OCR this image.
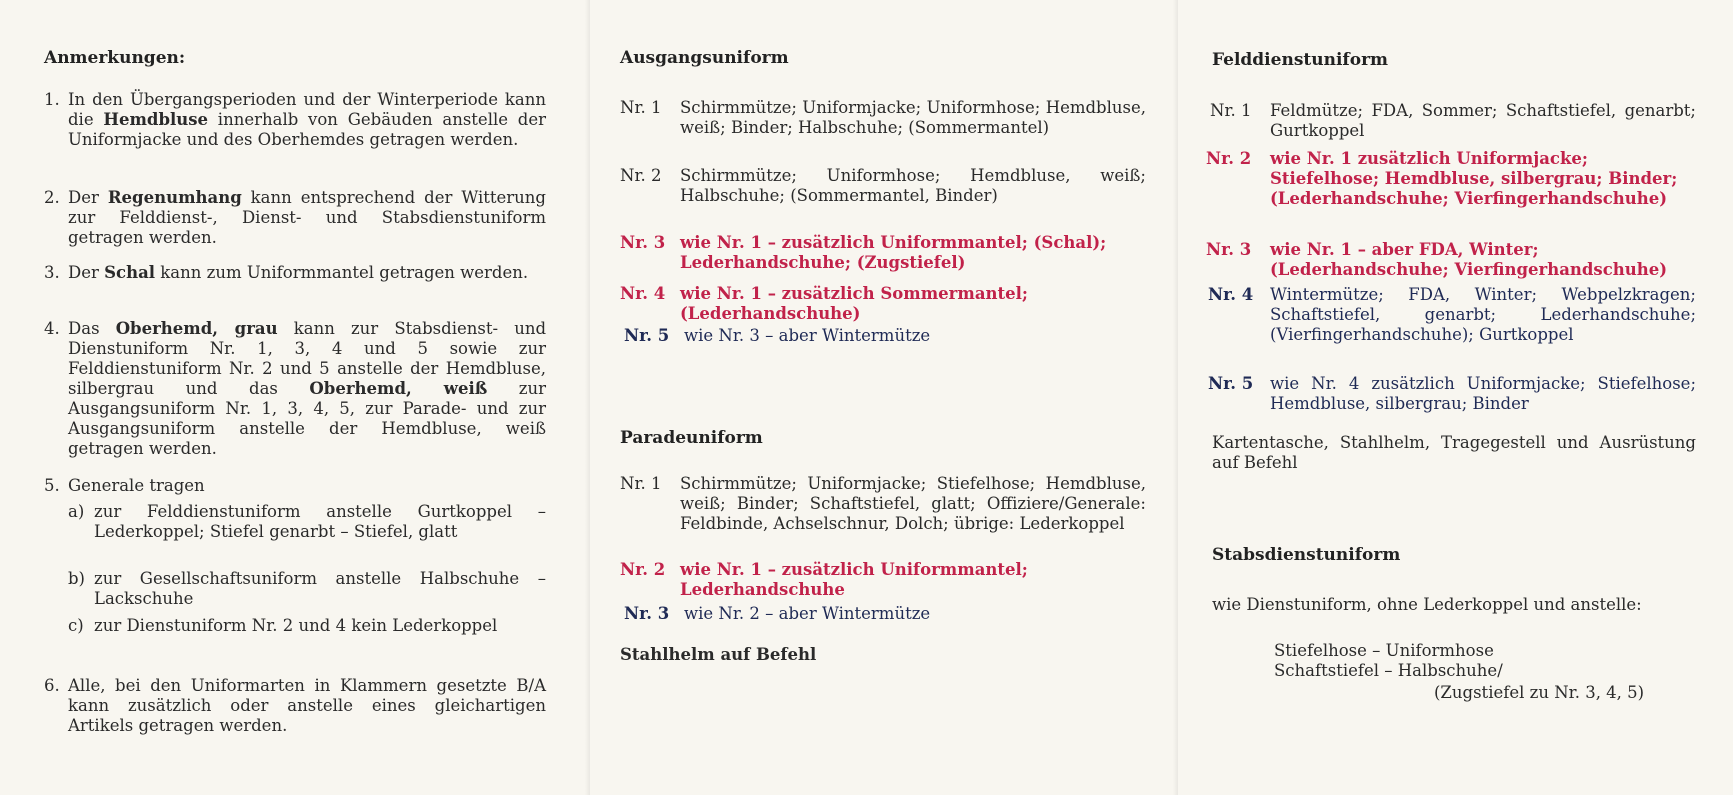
Anmerkungen:
1. In den Übergangsperioden und der Winterperiode kann die Hemdbluse innerhalb von Gebäuden anstelle der Uniformjacke und des Oberhemdes getragen werden.
2. Der Regenumhang kann entsprechend der Witterung zur Felddienst-, Dienst- und Stabsdienstuniform getragen werden.
3. Der Schal kann zum Uniformmantel getragen werden.
4. Das Oberhemd, grau kann zur Stabsdienst- und Dienstuniform Nr. 1, 3, 4 und 5 sowie zur Felddienstuniform Nr. 2 und 5 anstelle der Hemdbluse, silbergrau und das Oberhemd, weiß zur Ausgangsuniform Nr. 1, 3, 4, 5, zur Parade- und zur Ausgangsuniform anstelle der Hemdbluse, weiß getragen werden.
5. Generale tragen
a) zur Felddienstuniform anstelle Gurtkoppel – Lederkoppel; Stiefel genarbt – Stiefel, glatt
b) zur Gesellschaftsuniform anstelle Halbschuhe – Lackschuhe
c) zur Dienstuniform Nr. 2 und 4 kein Lederkoppel
6. Alle, bei den Uniformarten in Klammern gesetzte B/A kann zusätzlich oder anstelle eines gleichartigen Artikels getragen werden.
Ausgangsuniform
Nr. 1 Schirmmütze; Uniformjacke; Uniformhose; Hemdbluse, weiß; Binder; Halbschuhe; (Sommermantel)
Nr. 2 Schirmmütze; Uniformhose; Hemdbluse, weiß; Halbschuhe; (Sommermantel, Binder)
Nr. 3 wie Nr. 1 – zusätzlich Uniformmantel; (Schal); Lederhandschuhe; (Zugstiefel)
Nr. 4 wie Nr. 1 – zusätzlich Sommermantel; (Lederhandschuhe)
Nr. 5 wie Nr. 3 – aber Wintermütze
Paradeuniform
Nr. 1 Schirmmütze; Uniformjacke; Stiefelhose; Hemdbluse, weiß; Binder; Schaftstiefel, glatt; Offiziere/Generale: Feldbinde, Achselschnur, Dolch; übrige: Lederkoppel
Nr. 2 wie Nr. 1 – zusätzlich Uniformmantel; Lederhandschuhe
Nr. 3 wie Nr. 2 – aber Wintermütze
Stahlhelm auf Befehl
Felddienstuniform
Nr. 1 Feldmütze; FDA, Sommer; Schaftstiefel, genarbt; Gurtkoppel
Nr. 2 wie Nr. 1 zusätzlich Uniformjacke; Stiefelhose; Hemdbluse, silbergrau; Binder; (Lederhandschuhe; Vierfingerhandschuhe)
Nr. 3 wie Nr. 1 – aber FDA, Winter; (Lederhandschuhe; Vierfingerhandschuhe)
Nr. 4 Wintermütze; FDA, Winter; Webpelzkragen; Schaftstiefel, genarbt; Lederhandschuhe; (Vierfingerhandschuhe); Gurtkoppel
Nr. 5 wie Nr. 4 zusätzlich Uniformjacke; Stiefelhose; Hemdbluse, silbergrau; Binder
Kartentasche, Stahlhelm, Tragegestell und Ausrüstung auf Befehl
Stabsdienstuniform
wie Dienstuniform, ohne Lederkoppel und anstelle:
Stiefelhose – Uniformhose
Schaftstiefel – Halbschuhe/
(Zugstiefel zu Nr. 3, 4, 5)
